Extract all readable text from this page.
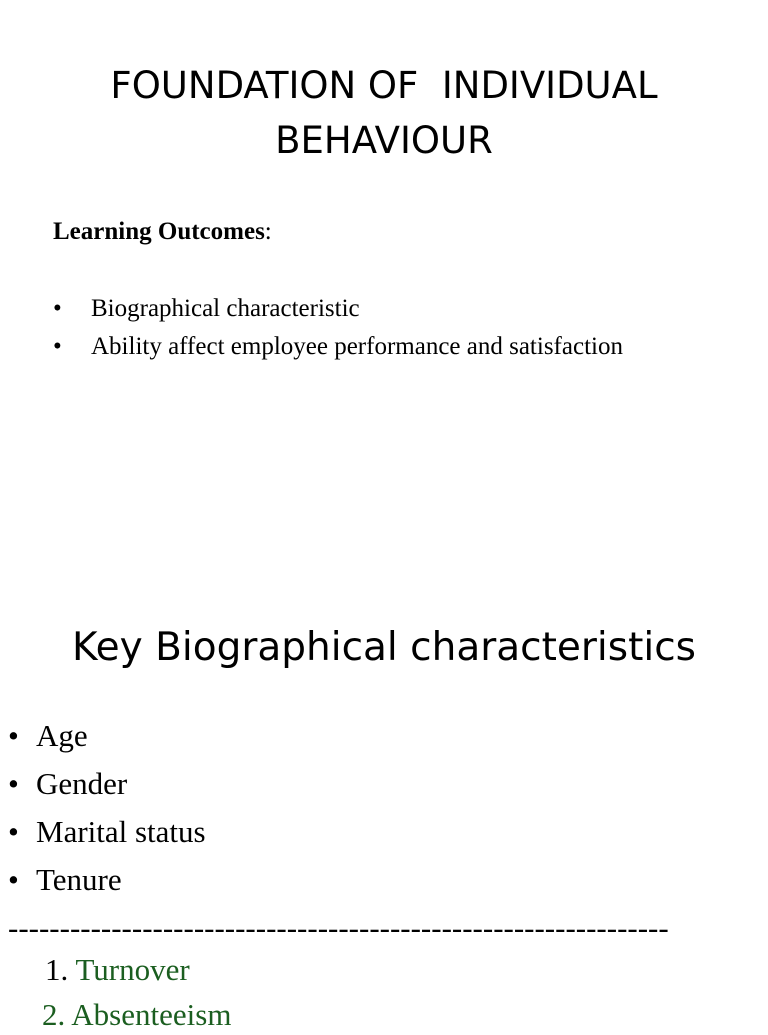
FOUNDATION OF  INDIVIDUAL
BEHAVIOUR

Learning Outcomes:

• Biographical characteristic
• Ability affect employee performance and satisfaction
Key Biographical characteristics
• Age
• Gender
• Marital status
• Tenure
----------------------------------------------------------------
1. Turnover
2. Absenteeism
